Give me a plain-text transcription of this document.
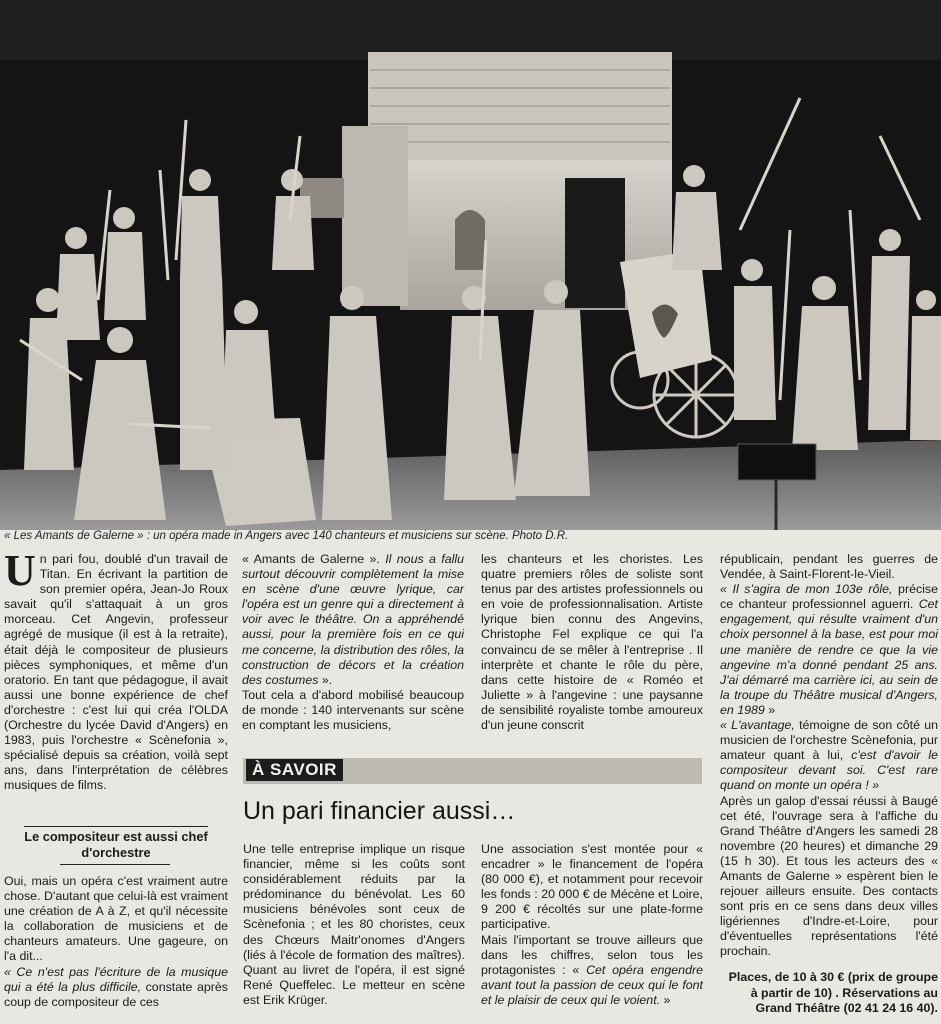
« Les Amants de Galerne » : un opéra made in Angers avec 140 chanteurs et musiciens sur scène. Photo D.R.

Un pari fou, doublé d'un travail de Titan. En écrivant la partition de son premier opéra, Jean-Jo Roux savait qu'il s'attaquait à un gros morceau. Cet Angevin, professeur agrégé de musique (il est à la retraite), était déjà le compositeur de plusieurs pièces symphoniques, et même d'un oratorio. En tant que pédagogue, il avait aussi une bonne expérience de chef d'orchestre : c'est lui qui créa l'OLDA (Orchestre du lycée David d'Angers) en 1983, puis l'orchestre « Scènefonia », spécialisé depuis sa création, voilà sept ans, dans l'interprétation de célèbres musiques de films.

Le compositeur est aussi chef d'orchestre

Oui, mais un opéra c'est vraiment autre chose. D'autant que celui-là est vraiment une création de A à Z, et qu'il nécessite la collaboration de musiciens et de chanteurs amateurs. Une gageure, on l'a dit...

« Ce n'est pas l'écriture de la musique qui a été la plus difficile, constate après coup de compositeur de ces

« Amants de Galerne ». Il nous a fallu surtout découvrir complètement la mise en scène d'une œuvre lyrique, car l'opéra est un genre qui a directement à voir avec le théâtre. On a appréhendé aussi, pour la première fois en ce qui me concerne, la distribution des rôles, la construction de décors et la création des costumes ».

Tout cela a d'abord mobilisé beaucoup de monde : 140 intervenants sur scène en comptant les musiciens,

les chanteurs et les choristes. Les quatre premiers rôles de soliste sont tenus par des artistes professionnels ou en voie de professionnalisation. Artiste lyrique bien connu des Angevins, Christophe Fel explique ce qui l'a convaincu de se mêler à l'entreprise . Il interprète et chante le rôle du père, dans cette histoire de « Roméo et Juliette » à l'angevine : une paysanne de sensibilité royaliste tombe amoureux d'un jeune conscrit

républicain, pendant les guerres de Vendée, à Saint-Florent-le-Vieil.

« Il s'agira de mon 103e rôle, précise ce chanteur professionnel aguerri. Cet engagement, qui résulte vraiment d'un choix personnel à la base, est pour moi une manière de rendre ce que la vie angevine m'a donné pendant 25 ans. J'ai démarré ma carrière ici, au sein de la troupe du Théâtre musical d'Angers, en 1989 »

« L'avantage, témoigne de son côté un musicien de l'orchestre Scènefonia, pur amateur quant à lui, c'est d'avoir le compositeur devant soi. C'est rare quand on monte un opéra ! »

Après un galop d'essai réussi à Baugé cet été, l'ouvrage sera à l'affiche du Grand Théâtre d'Angers les samedi 28 novembre (20 heures) et dimanche 29 (15 h 30). Et tous les acteurs des « Amants de Galerne » espèrent bien le rejouer ailleurs ensuite. Des contacts sont pris en ce sens dans deux villes ligériennes d'Indre-et-Loire, pour d'éventuelles représentations l'été prochain.

Places, de 10 à 30 € (prix de groupe à partir de 10) . Réservations au Grand Théâtre (02 41 24 16 40).
À SAVOIR
Un pari financier aussi…

Une telle entreprise implique un risque financier, même si les coûts sont considérablement réduits par la prédominance du bénévolat. Les 60 musiciens bénévoles sont ceux de Scènefonia ; et les 80 choristes, ceux des Chœurs Maitr'onomes d'Angers (liés à l'école de formation des maîtres). Quant au livret de l'opéra, il est signé René Queffelec. Le metteur en scène est Erik Krüger.

Une association s'est montée pour « encadrer » le financement de l'opéra (80 000 €), et notamment pour recevoir les fonds : 20 000 € de Mécène et Loire, 9 200 € récoltés sur une plate-forme participative.

Mais l'important se trouve ailleurs que dans les chiffres, selon tous les protagonistes : « Cet opéra engendre avant tout la passion de ceux qui le font et le plaisir de ceux qui le voient. »
